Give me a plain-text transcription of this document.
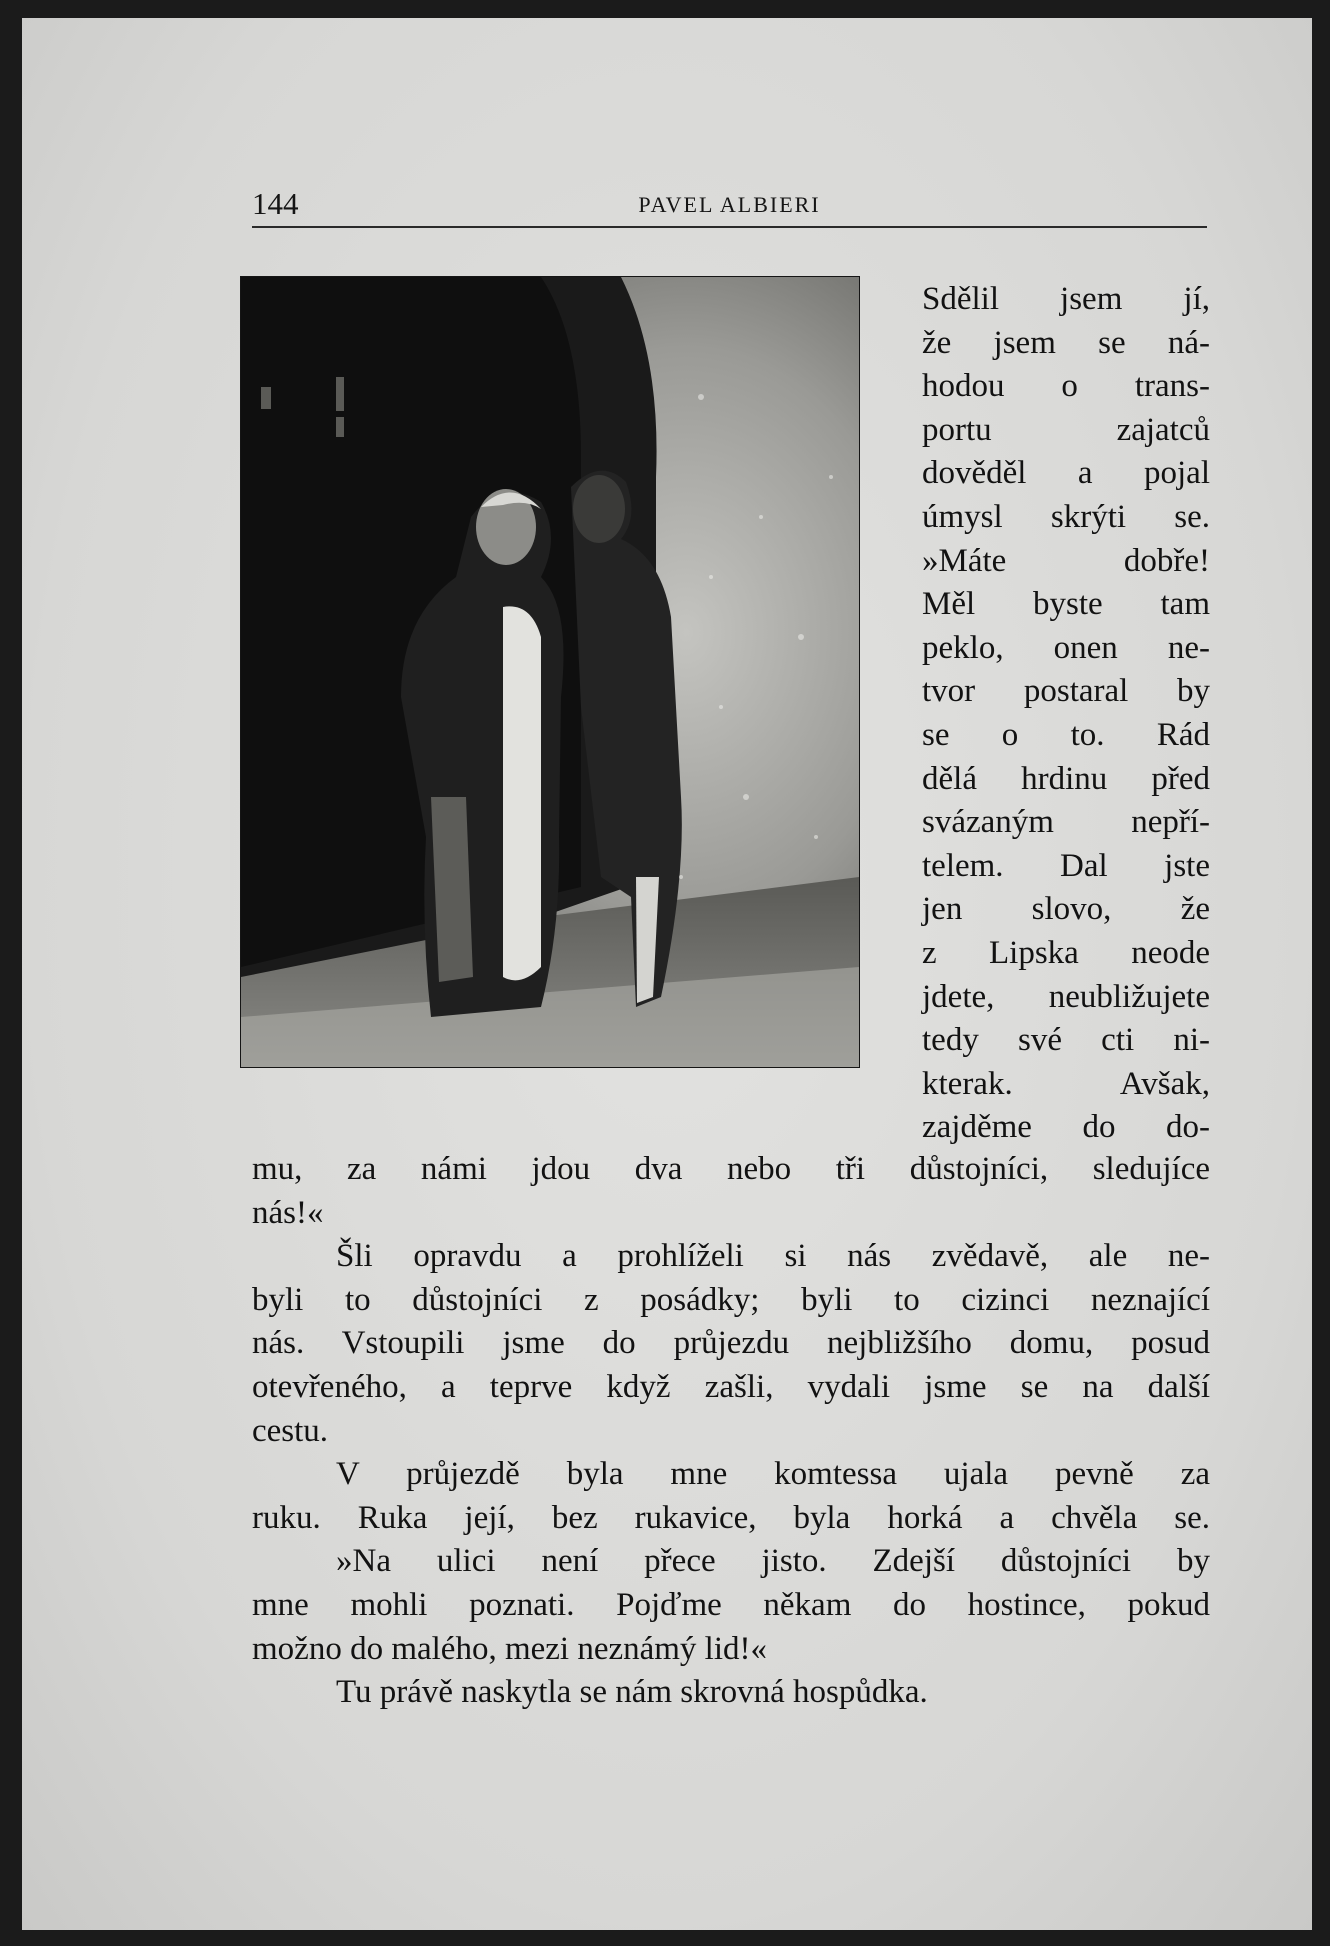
144	PAVEL ALBIERI
Sdělil jsem jí,
že jsem se ná-
hodou o trans-
portu zajatců
dověděl a pojal
úmysl skrýti se.
»Máte dobře!
Měl byste tam
peklo, onen ne-
tvor postaral by
se o to. Rád
dělá hrdinu před
svázaným nepří-
telem. Dal jste
jen slovo, že
z Lipska neode
jdete, neubližujete
tedy své cti ni-
kterak. Avšak,
zajděme do do-
mu, za námi jdou dva nebo tři důstojníci, sledujíce
nás!«
Šli opravdu a prohlíželi si nás zvědavě, ale ne-
byli to důstojníci z posádky; byli to cizinci neznající
nás. Vstoupili jsme do průjezdu nejbližšího domu, posud
otevřeného, a teprve když zašli, vydali jsme se na další
cestu.
V průjezdě byla mne komtessa ujala pevně za
ruku. Ruka její, bez rukavice, byla horká a chvěla se.
»Na ulici není přece jisto. Zdejší důstojníci by
mne mohli poznati. Pojďme někam do hostince, pokud
možno do malého, mezi neznámý lid!«
Tu právě naskytla se nám skrovná hospůdka.
